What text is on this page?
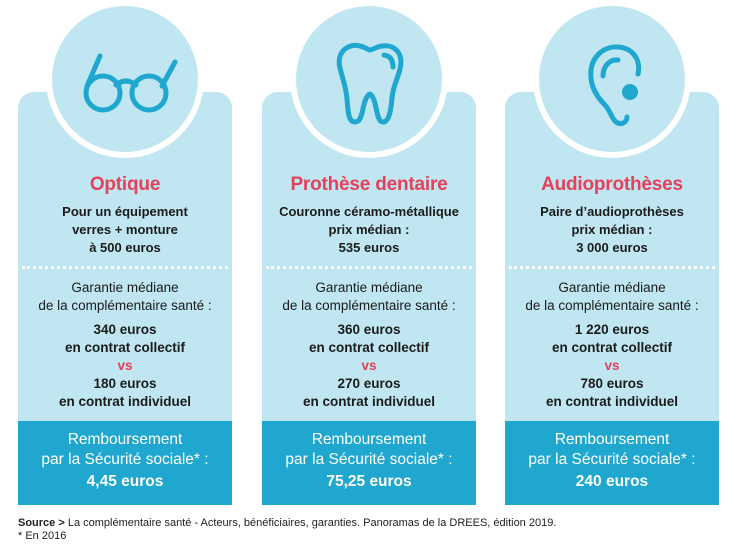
Optique
Pour un équipement
verres + monture
à 500 euros
Garantie médiane
de la complémentaire santé :
340 euros
en contrat collectif
vs
180 euros
en contrat individuel
Remboursement
par la Sécurité sociale* :
4,45 euros
Prothèse dentaire
Couronne céramo-métallique
prix médian :
535 euros
Garantie médiane
de la complémentaire santé :
360 euros
en contrat collectif
vs
270 euros
en contrat individuel
Remboursement
par la Sécurité sociale* :
75,25 euros
Audioprothèses
Paire d’audioprothèses
prix médian :
3 000 euros
Garantie médiane
de la complémentaire santé :
1 220 euros
en contrat collectif
vs
780 euros
en contrat individuel
Remboursement
par la Sécurité sociale* :
240 euros
Source > La complémentaire santé - Acteurs, bénéficiaires, garanties. Panoramas de la DREES, édition 2019.
* En 2016
